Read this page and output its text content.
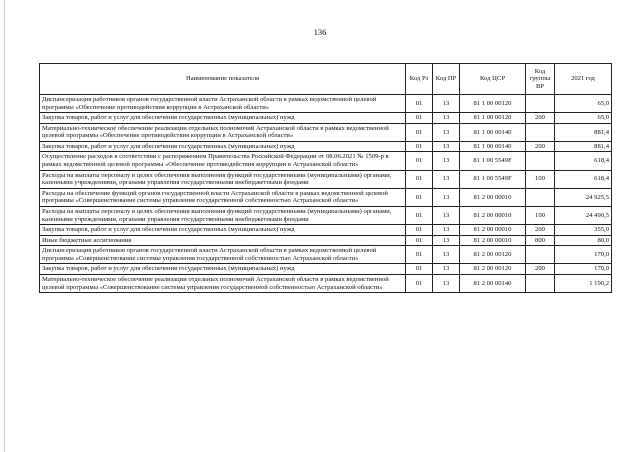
136
Наименование показателя	Код Рз	Код ПР	Код ЦСР	Код группы ВР	2021 год
Диспансеризация работников органов государственной власти Астраханской области в рамках ведомственной целевой программы «Обеспечение противодействия коррупции в Астраханской области»	01	13	81 1 00 00120		65,0
Закупка товаров, работ и услуг для обеспечения государственных (муниципальных) нужд	01	13	81 1 00 00120	200	65,0
Материально-техническое обеспечение реализации отдельных полномочий Астраханской области в рамках ведомственной целевой программы «Обеспечение противодействия коррупции в Астраханской области»	01	13	81 1 00 00140		881,4
Закупка товаров, работ и услуг для обеспечения государственных (муниципальных) нужд	01	13	81 1 00 00140	200	881,4
Осуществление расходов в соответствии с распоряжением Правительства Российской Федерации от 08.06.2021 № 1509-р в рамках ведомственной целевой программы «Обеспечение противодействия коррупции в Астраханской области»	01	13	81 1 00 5549F		618,4
Расходы на выплаты персоналу в целях обеспечения выполнения функций государственными (муниципальными) органами, казенными учреждениями, органами управления государственными внебюджетными фондами	01	13	81 1 00 5549F	100	618,4
Расходы на обеспечение функций органов государственной власти Астраханской области в рамках ведомственной целевой программы «Совершенствование системы управления государственной собственностью Астраханской области»	01	13	81 2 00 00010		24 925,5
Расходы на выплаты персоналу в целях обеспечения выполнения функций государственными (муниципальными) органами, казенными учреждениями, органами управления государственными внебюджетными фондами	01	13	81 2 00 00010	100	24 490,5
Закупка товаров, работ и услуг для обеспечения государственных (муниципальных) нужд	01	13	81 2 00 00010	200	355,0
Иные бюджетные ассигнования	01	13	81 2 00 00010	800	80,0
Диспансеризация работников органов государственной власти Астраханской области в рамках ведомственной целевой программы «Совершенствование системы управления государственной собственностью Астраханской области»	01	13	81 2 00 00120		170,0
Закупка товаров, работ и услуг для обеспечения государственных (муниципальных) нужд	01	13	81 2 00 00120	200	170,0
Материально-техническое обеспечение реализации отдельных полномочий Астраханской области в рамках ведомственной целевой программы «Совершенствование системы управления государственной собственностью Астраханской области»	01	13	81 2 00 00140		1 190,2
